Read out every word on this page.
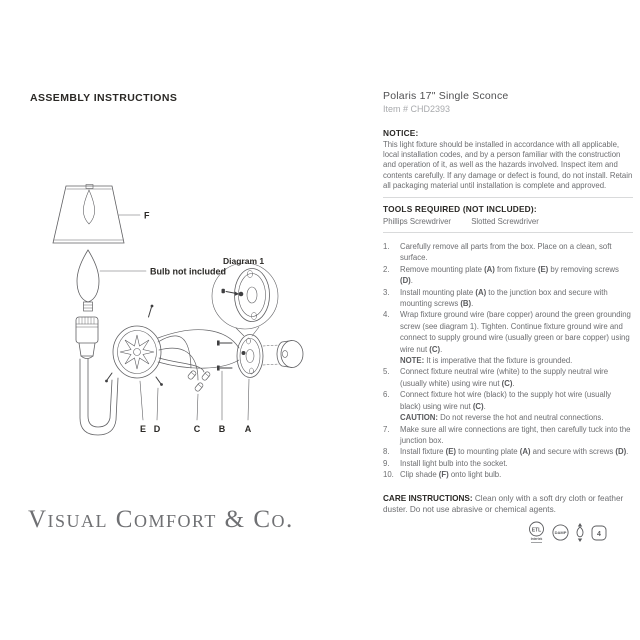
ASSEMBLY INSTRUCTIONS
F
Bulb not included
Diagram 1
E D	C B A
Visual Comfort & Co.
Polaris 17" Single Sconce
Item # CHD2393
NOTICE:
This light fixture should be installed in accordance with all applicable, local installation codes, and by a person familiar with the construction and operation of it, as well as the hazards involved. Inspect item and contents carefully. If any damage or defect is found, do not install. Retain all packaging material until installation is complete and approved.
TOOLS REQUIRED (NOT INCLUDED):
Phillips Screwdriver	Slotted Screwdriver
1.	Carefully remove all parts from the box. Place on a clean, soft surface.
2.	Remove mounting plate (A) from fixture (E) by removing screws (D).
3.	Install mounting plate (A) to the junction box and secure with mounting screws (B).
4.	Wrap fixture ground wire (bare copper) around the green grounding screw (see diagram 1). Tighten. Continue fixture ground wire and connect to supply ground wire (usually green or bare copper) using wire nut (C).
NOTE: It is imperative that the fixture is grounded.
5.	Connect fixture neutral wire (white) to the supply neutral wire (usually white) using wire nut (C).
6.	Connect fixture hot wire (black) to the supply hot wire (usually black) using wire nut (C).
CAUTION: Do not reverse the hot and neutral connections.
7.	Make sure all wire connections are tight, then carefully tuck into the junction box.
8.	Install fixture (E) to mounting plate (A) and secure with screws (D).
9.	Install light bulb into the socket.
10. Clip shade (F) onto light bulb.
CARE INSTRUCTIONS: Clean only with a soft dry cloth or feather duster. Do not use abrasive or chemical agents.
ETL
Intertek
DAMP	4
